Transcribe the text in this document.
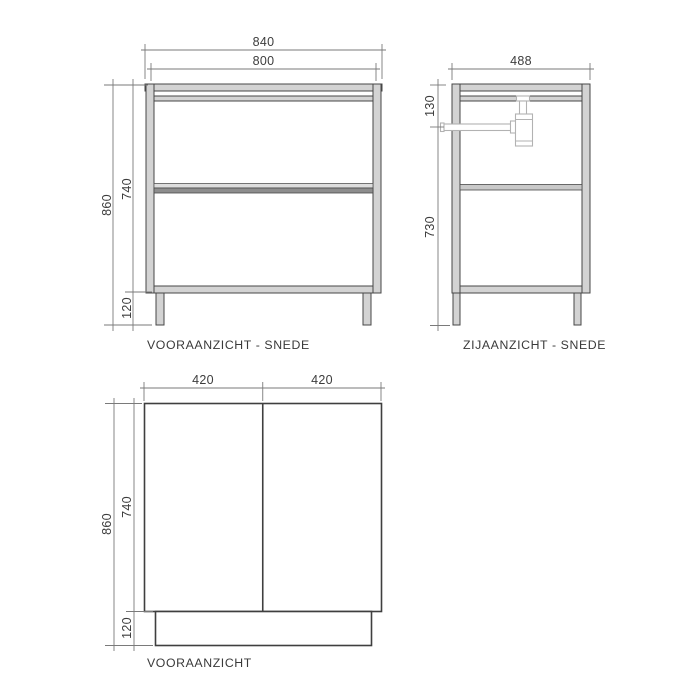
840
800
860
740
120
VOORAANZICHT - SNEDE
488
130
730
ZIJAANZICHT - SNEDE
420	420
860
740
120
VOORAANZICHT
